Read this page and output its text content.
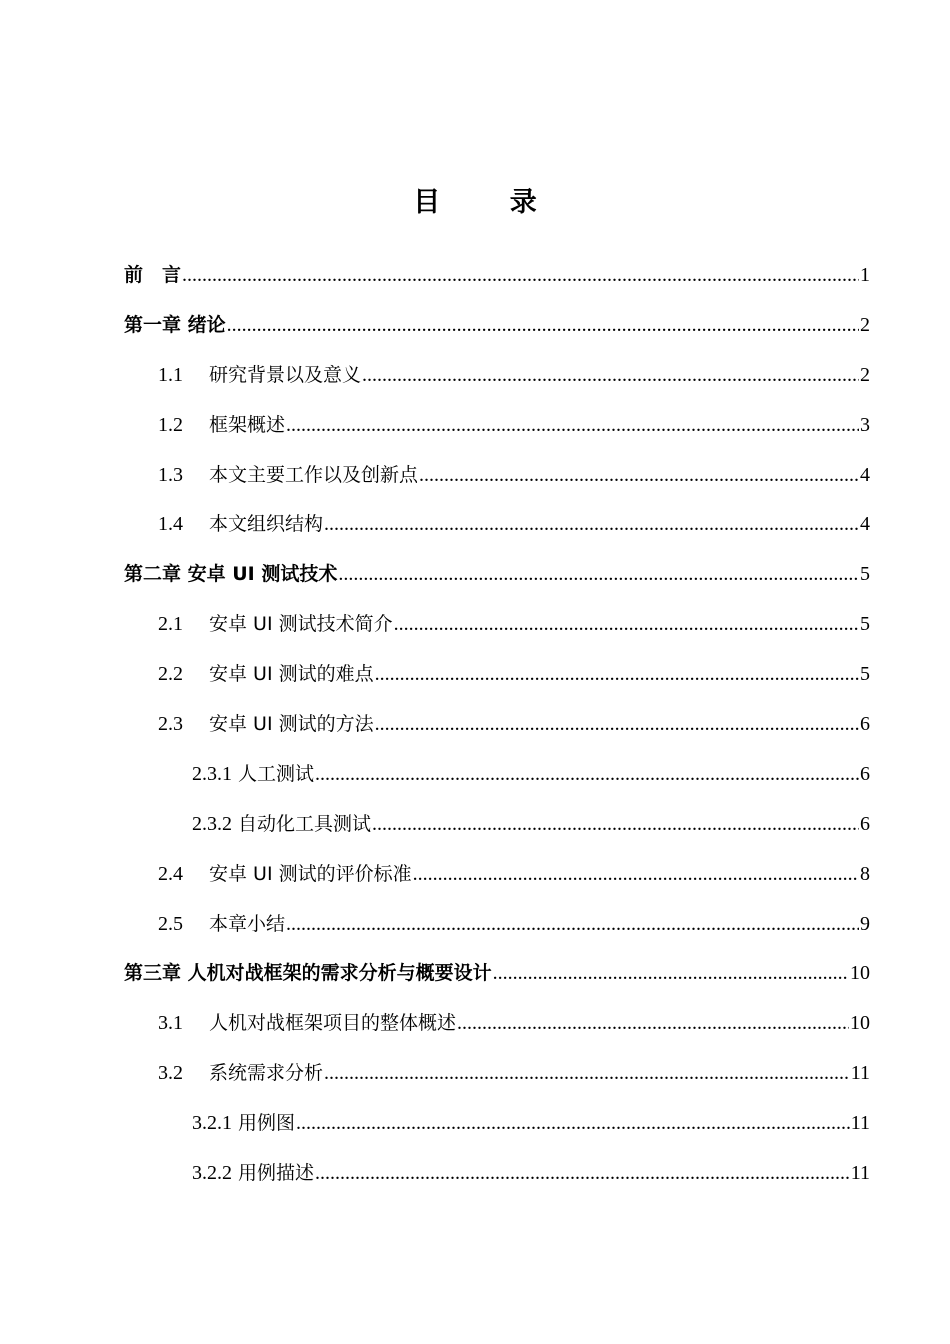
目 录
前　言 .....	1
第一章 绪论 .....	2
1.1	研究背景以及意义 .....	2
1.2	框架概述 .....	3
1.3	本文主要工作以及创新点 .....	4
1.4	本文组织结构 .....	4
第二章 安卓 UI 测试技术 .....	5
2.1	安卓 UI 测试技术简介 .....	5
2.2	安卓 UI 测试的难点 .....	5
2.3	安卓 UI 测试的方法 .....	6
2.3.1 人工测试 .....	6
2.3.2 自动化工具测试 .....	6
2.4	安卓 UI 测试的评价标准 .....	8
2.5	本章小结 .....	9
第三章 人机对战框架的需求分析与概要设计 .....	10
3.1	人机对战框架项目的整体概述 .....	10
3.2	系统需求分析 .....	11
3.2.1 用例图 .....	11
3.2.2 用例描述 .....	11
